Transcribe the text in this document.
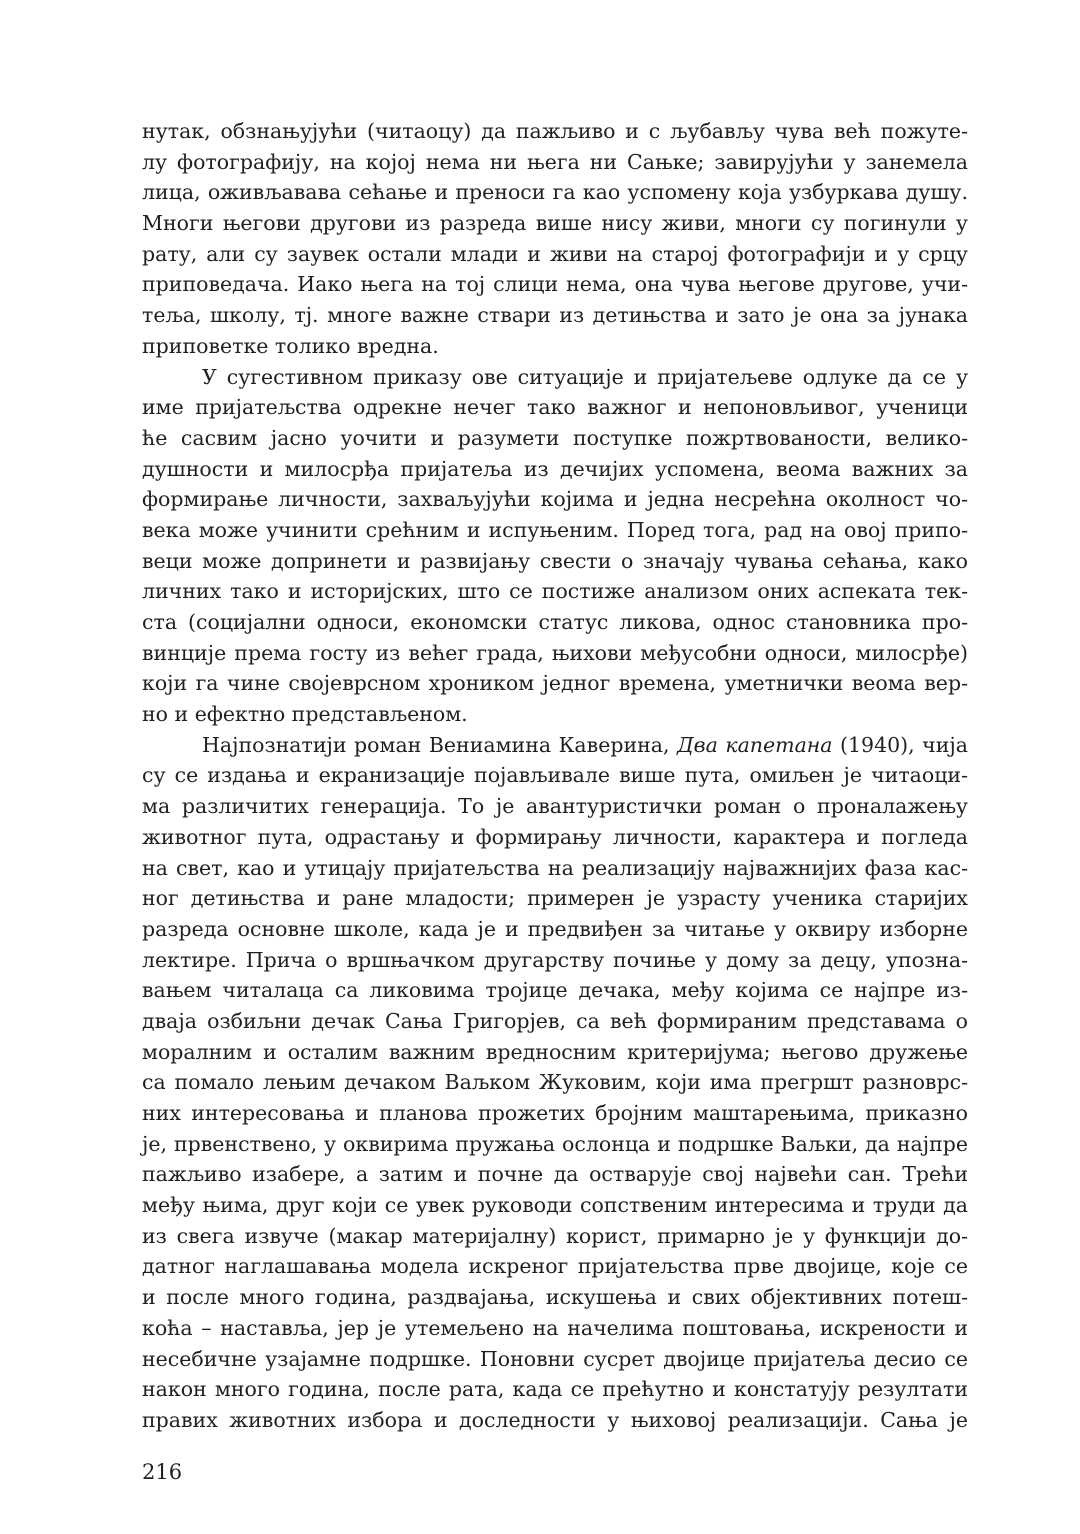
нутак, обзнањујући (читаоцу) да пажљиво и с љубављу чува већ пожуте-
лу фотографију, на којој нема ни њега ни Сањке; завирујући у занемела
лица, оживљавава сећање и преноси га као успомену која узбуркава душу.
Многи његови другови из разреда више нису живи, многи су погинули у
рату, али су заувек остали млади и живи на старој фотографији и у срцу
приповедача. Иако њега на тој слици нема, она чува његове другове, учи-
теља, школу, тј. многе важне ствари из детињства и зато је она за јунака
приповетке толико вредна.
У сугестивном приказу ове ситуације и пријатељеве одлуке да се у
име пријатељства одрекне нечег тако важног и непоновљивог, ученици
ће сасвим јасно уочити и разумети поступке пожртвованости, велико-
душности и милосрђа пријатеља из дечијих успомена, веома важних за
формирање личности, захваљујући којима и једна несрећна околност чо-
века може учинити срећним и испуњеним. Поред тога, рад на овој припо-
веци може допринети и развијању свести о значају чувања сећања, како
личних тако и историјских, што се постиже анализом оних аспеката тек-
ста (социјални односи, економски статус ликова, однос становника про-
винције према госту из већег града, њихови међусобни односи, милосрђе)
који га чине својеврсном хроником једног времена, уметнички веома вер-
но и ефектно представљеном.
Најпознатији роман Вениамина Каверина, Два капетана (1940), чија
су се издања и екранизације појављивале више пута, омиљен је читаоци-
ма различитих генерација. То је авантуристички роман о проналажењу
животног пута, одрастању и формирању личности, карактера и погледа
на свет, као и утицају пријатељства на реализацију најважнијих фаза кас-
ног детињства и ране младости; примерен је узрасту ученика старијих
разреда основне школе, када је и предвиђен за читање у оквиру изборне
лектире. Прича о вршњачком другарству почиње у дому за децу, упозна-
вањем читалаца са ликовима тројице дечака, међу којима се најпре из-
дваја озбиљни дечак Сања Григорјев, са већ формираним представама о
моралним и осталим важним вредносним критеријума; његово дружење
са помало лењим дечаком Ваљком Жуковим, који има прегршт разноврс-
них интересовања и планова прожетих бројним маштарењима, приказно
је, првенствено, у оквирима пружања ослонца и подршке Ваљки, да најпре
пажљиво изабере, а затим и почне да остварује свој највећи сан. Трећи
међу њима, друг који се увек руководи сопственим интересима и труди да
из свега извуче (макар материјалну) корист, примарно је у функцији до-
датног наглашавања модела искреног пријатељства прве двојице, које се
и после много година, раздвајања, искушења и свих објективних потеш-
коћа – наставља, јер је утемељено на начелима поштовања, искрености и
несебичне узајамне подршке. Поновни сусрет двојице пријатеља десио се
након много година, после рата, када се прећутно и констатују резултати
правих животних избора и доследности у њиховој реализацији. Сања је
216
